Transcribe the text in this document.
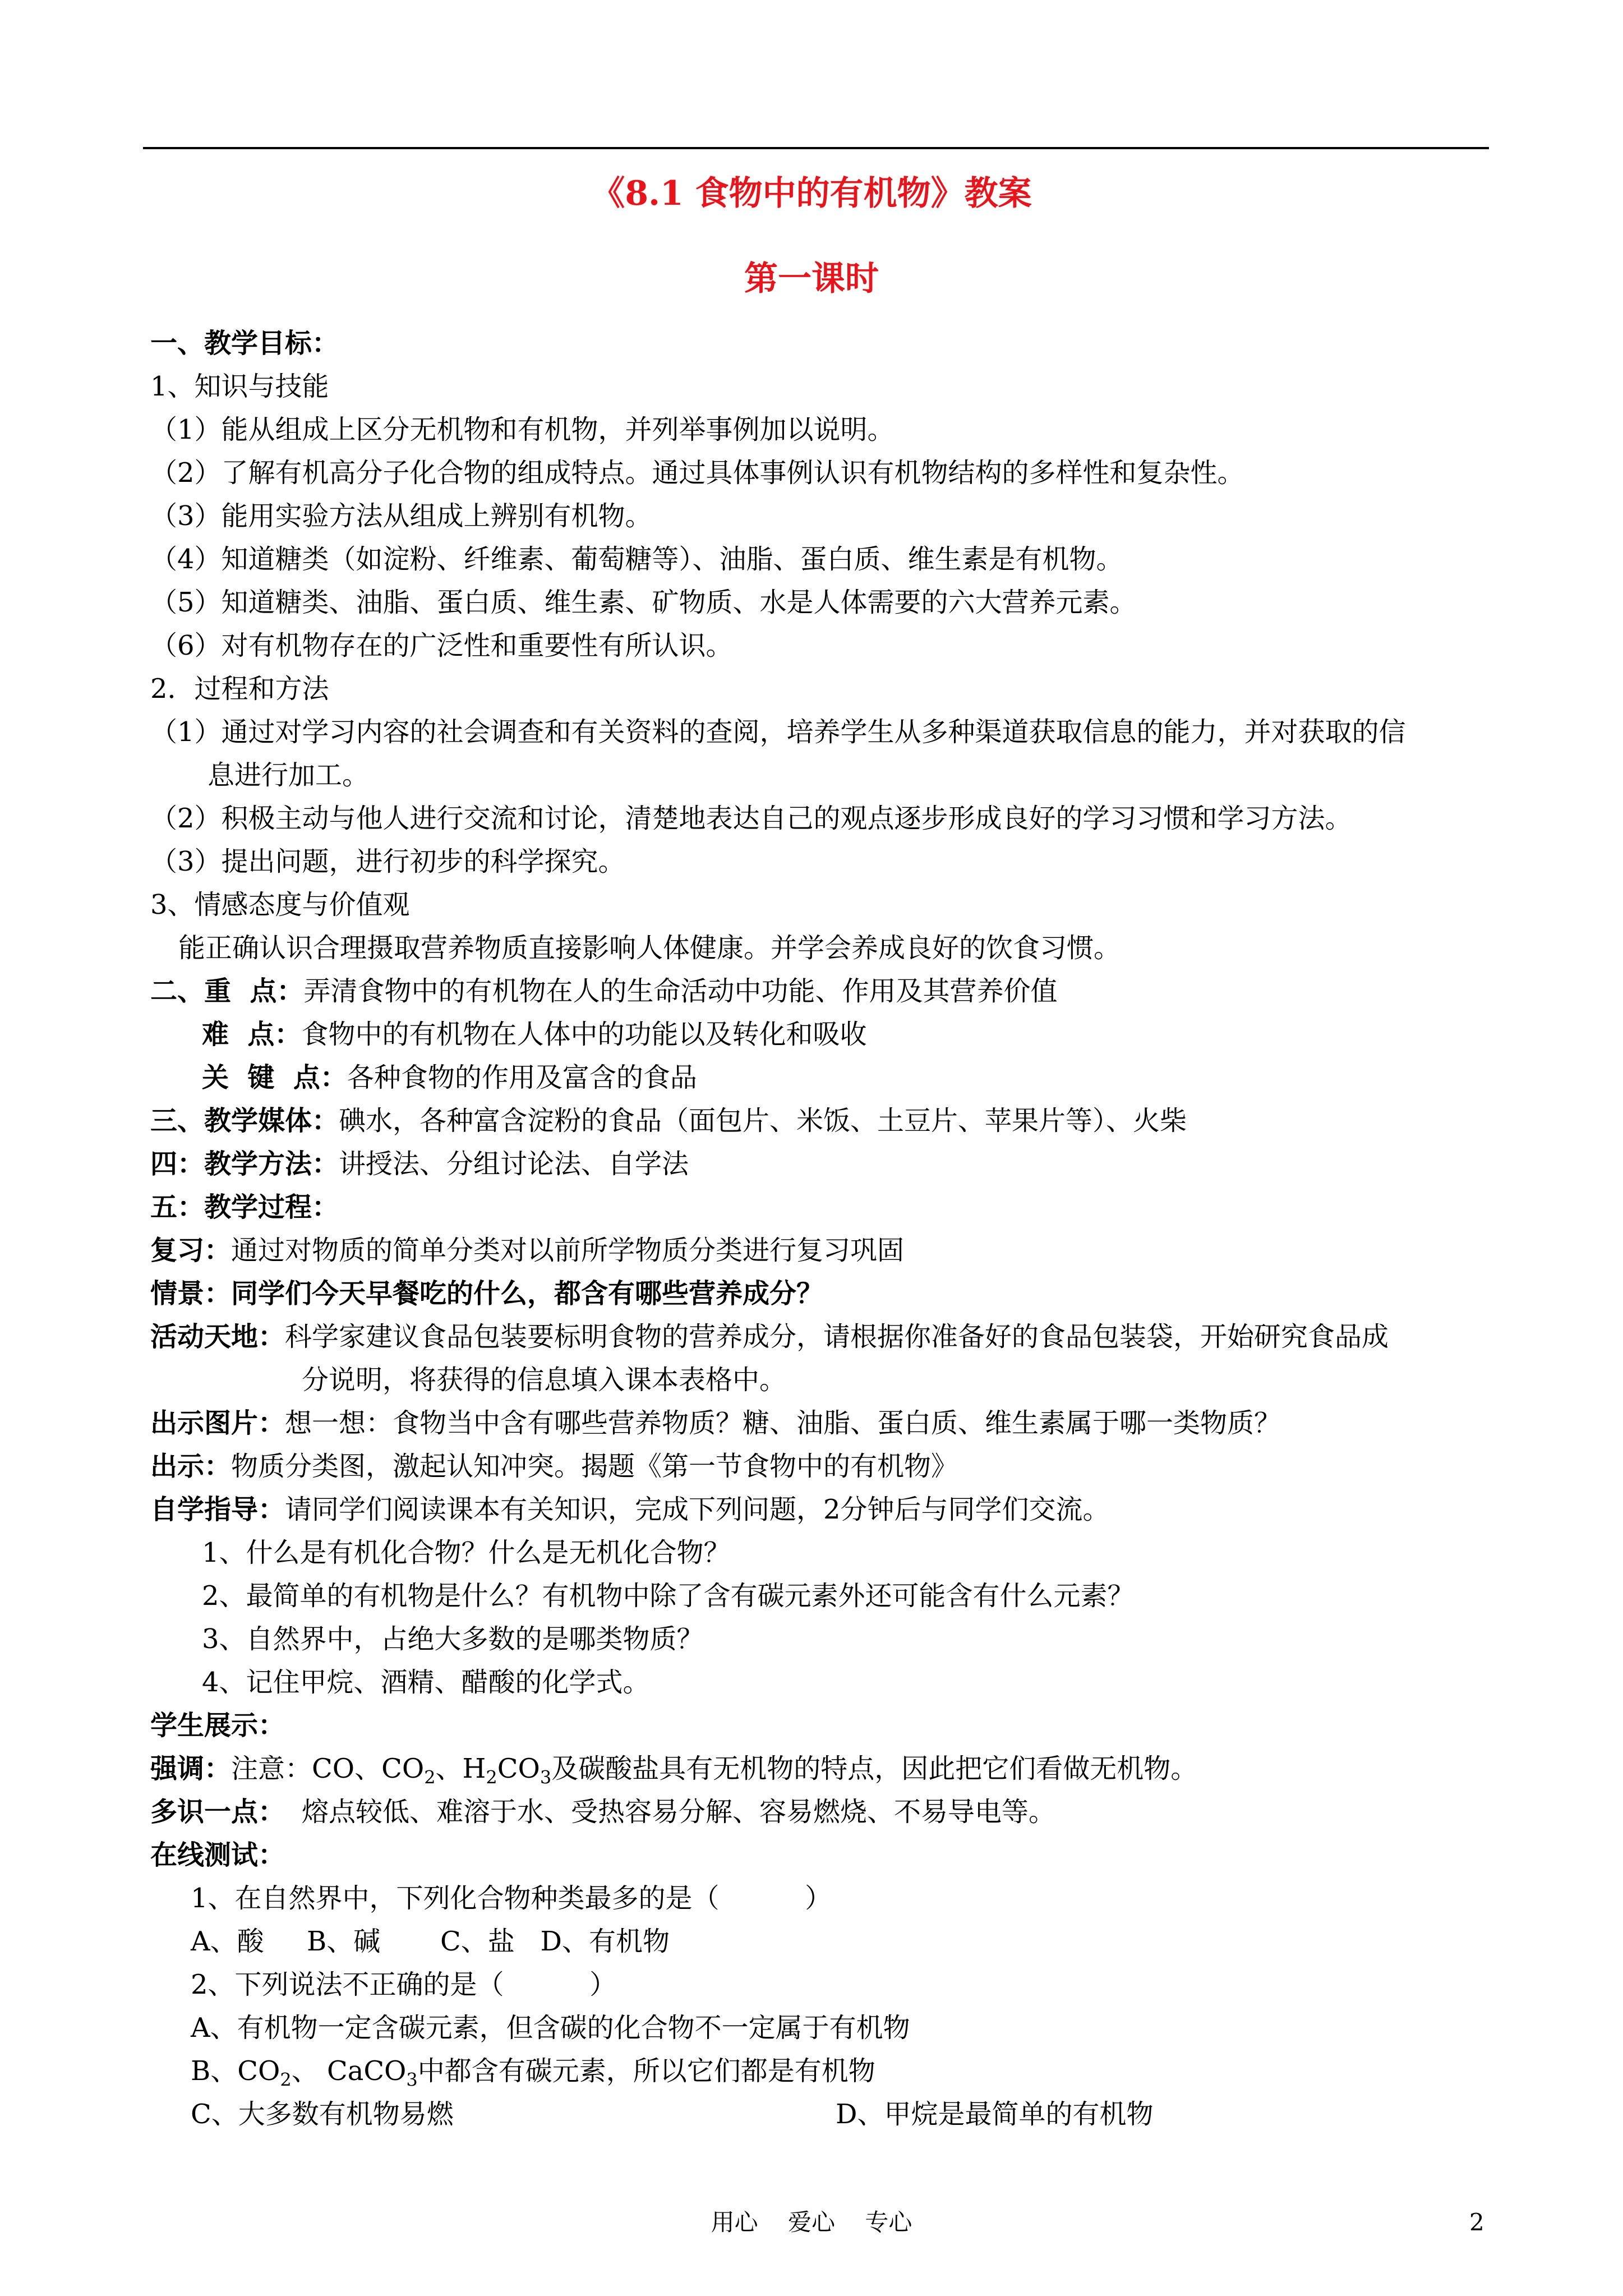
《8.1 食物中的有机物》教案
第一课时
一、教学目标：
1、知识与技能
（1）能从组成上区分无机物和有机物，并列举事例加以说明。
（2）了解有机高分子化合物的组成特点。通过具体事例认识有机物结构的多样性和复杂性。
（3）能用实验方法从组成上辨别有机物。
（4）知道糖类（如淀粉、纤维素、葡萄糖等）、油脂、蛋白质、维生素是有机物。
（5）知道糖类、油脂、蛋白质、维生素、矿物质、水是人体需要的六大营养元素。
（6）对有机物存在的广泛性和重要性有所认识。
2．过程和方法
（1）通过对学习内容的社会调查和有关资料的查阅，培养学生从多种渠道获取信息的能力，并对获取的信
息进行加工。
（2）积极主动与他人进行交流和讨论，清楚地表达自己的观点逐步形成良好的学习习惯和学习方法。
（3）提出问题，进行初步的科学探究。
3、情感态度与价值观
能正确认识合理摄取营养物质直接影响人体健康。并学会养成良好的饮食习惯。
二、重  点：弄清食物中的有机物在人的生命活动中功能、作用及其营养价值
难  点：食物中的有机物在人体中的功能以及转化和吸收
关  键  点：各种食物的作用及富含的食品
三、教学媒体：碘水，各种富含淀粉的食品（面包片、米饭、土豆片、苹果片等）、火柴
四：教学方法：讲授法、分组讨论法、自学法
五：教学过程：
复习：通过对物质的简单分类对以前所学物质分类进行复习巩固
情景：同学们今天早餐吃的什么，都含有哪些营养成分？
活动天地：科学家建议食品包装要标明食物的营养成分，请根据你准备好的食品包装袋，开始研究食品成
分说明，将获得的信息填入课本表格中。
出示图片：想一想：食物当中含有哪些营养物质？糖、油脂、蛋白质、维生素属于哪一类物质？
出示：物质分类图，激起认知冲突。揭题《第一节食物中的有机物》
自学指导：请同学们阅读课本有关知识，完成下列问题，2分钟后与同学们交流。
1、什么是有机化合物？什么是无机化合物？
2、最简单的有机物是什么？有机物中除了含有碳元素外还可能含有什么元素？
3、自然界中，占绝大多数的是哪类物质？
4、记住甲烷、酒精、醋酸的化学式。
学生展示：
强调：注意：CO、$CO_2$、$H_2CO_3$及碳酸盐具有无机物的特点，因此把它们看做无机物。
多识一点： 熔点较低、难溶于水、受热容易分解、容易燃烧、不易导电等。
在线测试：
1、在自然界中，下列化合物种类最多的是（          ）
A、酸     B、碱       C、盐   D、有机物
2、下列说法不正确的是（          ）
A、有机物一定含碳元素，但含碳的化合物不一定属于有机物
B、$CO_2$、 CaCO$_3$中都含有碳元素，所以它们都是有机物
C、大多数有机物易燃	D、甲烷是最简单的有机物
用心    爱心    专心	2
